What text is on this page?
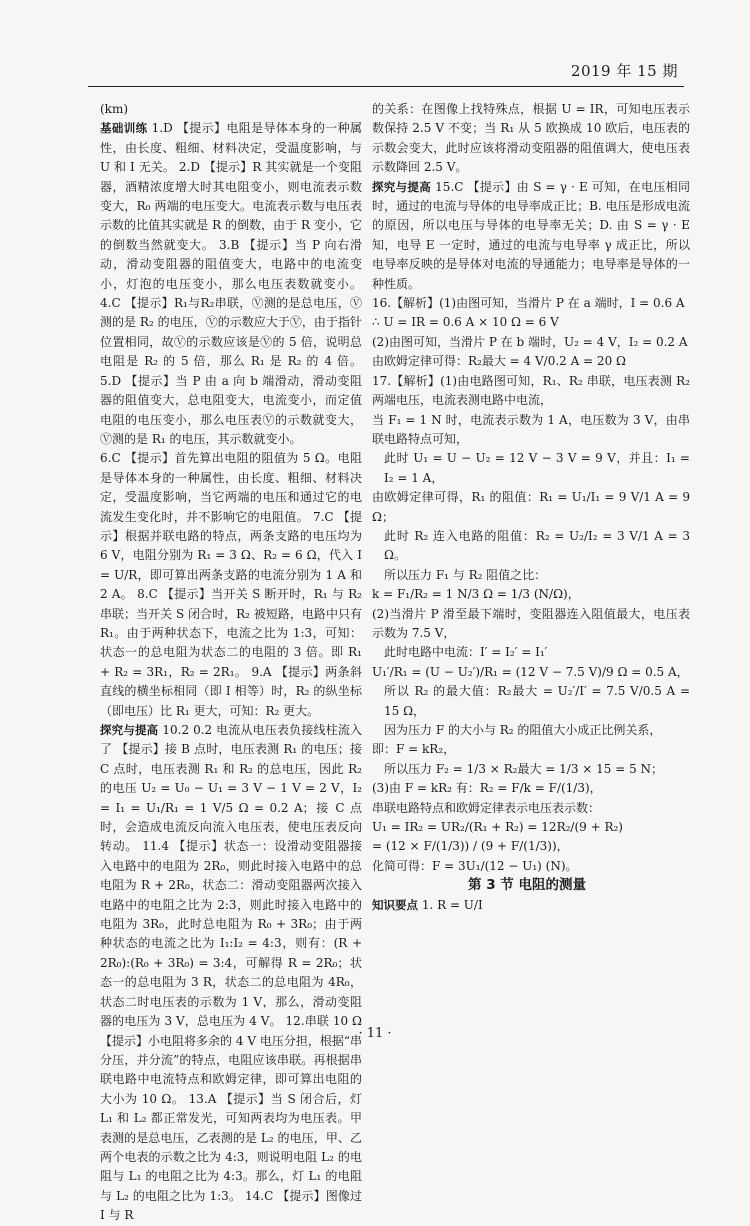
2019 年 15 期

(km)

基础训练 1.D 【提示】电阻是导体本身的一种属性，由长度、粗细、材料决定，受温度影响，与 U 和 I 无关。 2.D 【提示】R 其实就是一个变阻器，酒精浓度增大时其电阻变小，则电流表示数变大，R₀ 两端的电压变大。电流表示数与电压表示数的比值其实就是 R 的倒数，由于 R 变小，它的倒数当然就变大。 3.B 【提示】当 P 向右滑动，滑动变阻器的阻值变大，电路中的电流变小，灯泡的电压变小，那么电压表数就变小。 4.C 【提示】R₁与R₂串联，Ⓥ测的是总电压，Ⓥ测的是 R₂ 的电压，Ⓥ的示数应大于Ⓥ，由于指针位置相同，故Ⓥ的示数应该是Ⓥ的 5 倍，说明总电阻是 R₂ 的 5 倍，那么 R₁ 是 R₂ 的 4 倍。 5.D 【提示】当 P 由 a 向 b 端滑动，滑动变阻器的阻值变大，总电阻变大，电流变小，而定值电阻的电压变小，那么电压表Ⓥ的示数就变大，Ⓥ测的是 R₁ 的电压，其示数就变小。

6.C 【提示】首先算出电阻的阻值为 5 Ω。电阻是导体本身的一种属性，由长度、粗细、材料决定，受温度影响，当它两端的电压和通过它的电流发生变化时，并不影响它的电阻值。 7.C 【提示】根据并联电路的特点，两条支路的电压均为 6 V，电阻分别为 R₁ = 3 Ω、R₂ = 6 Ω，代入 I = U/R，即可算出两条支路的电流分别为 1 A 和 2 A。 8.C 【提示】当开关 S 断开时，R₁ 与 R₂ 串联；当开关 S 闭合时，R₂ 被短路，电路中只有 R₁。由于两种状态下，电流之比为 1:3，可知：状态一的总电阻为状态二的电阻的 3 倍。即 R₁ + R₂ = 3R₁，R₂ = 2R₁。 9.A 【提示】两条斜直线的横坐标相同（即 I 相等）时，R₂ 的纵坐标（即电压）比 R₁ 更大，可知：R₂ 更大。

探究与提高 10.2 0.2 电流从电压表负接线柱流入了 【提示】接 B 点时，电压表测 R₁ 的电压；接 C 点时，电压表测 R₁ 和 R₂ 的总电压，因此 R₂ 的电压 U₂ = U₀ − U₁ = 3 V − 1 V = 2 V，I₂ = I₁ = U₁/R₁ = 1 V/5 Ω = 0.2 A；接 C 点时，会造成电流反向流入电压表，使电压表反向转动。 11.4 【提示】状态一：设滑动变阻器接入电路中的电阻为 2R₀，则此时接入电路中的总电阻为 R + 2R₀，状态二：滑动变阻器两次接入电路中的电阻之比为 2:3，则此时接入电路中的电阻为 3R₀，此时总电阻为 R₀ + 3R₀；由于两种状态的电流之比为 I₁:I₂ = 4:3，则有：(R + 2R₀):(R₀ + 3R₀) = 3:4，可解得 R = 2R₀；状态一的总电阻为 3 R，状态二的总电阻为 4R₀，状态二时电压表的示数为 1 V，那么，滑动变阻器的电压为 3 V，总电压为 4 V。 12.串联 10 Ω 【提示】小电阻将多余的 4 V 电压分担，根据“串分压，并分流”的特点，电阻应该串联。再根据串联电路中电流特点和欧姆定律，即可算出电阻的大小为 10 Ω。 13.A 【提示】当 S 闭合后，灯 L₁ 和 L₂ 都正常发光，可知两表均为电压表。甲表测的是总电压，乙表测的是 L₂ 的电压，甲、乙两个电表的示数之比为 4:3，则说明电阻 L₂ 的电阻与 L₁ 的电阻之比为 4:3。那么，灯 L₁ 的电阻与 L₂ 的电阻之比为 1:3。 14.C 【提示】图像过 I 与 R

的关系：在图像上找特殊点，根据 U = IR，可知电压表示数保持 2.5 V 不变；当 R₁ 从 5 欧换成 10 欧后，电压表的示数会变大，此时应该将滑动变阻器的阻值调大，使电压表示数降回 2.5 V。

探究与提高 15.C 【提示】由 S = γ · E 可知，在电压相同时，通过的电流与导体的电导率成正比；B. 电压是形成电流的原因，所以电压与导体的电导率无关；D. 由 S = γ · E 知，电导 E 一定时，通过的电流与电导率 γ 成正比，所以电导率反映的是导体对电流的导通能力；电导率是导体的一种性质。

16.【解析】(1)由图可知，当滑片 P 在 a 端时，I = 0.6 A

∴ U = IR = 0.6 A × 10 Ω = 6 V

(2)由图可知，当滑片 P 在 b 端时，U₂ = 4 V，I₂ = 0.2 A

由欧姆定律可得：R₂最大 = 4 V/0.2 A = 20 Ω

17.【解析】(1)由电路图可知，R₁、R₂ 串联，电压表测 R₂ 两端电压，电流表测电路中电流，

当 F₁ = 1 N 时，电流表示数为 1 A，电压数为 3 V，由串联电路特点可知，

此时 U₁ = U − U₂ = 12 V − 3 V = 9 V，并且：I₁ = I₂ = 1 A，

由欧姆定律可得，R₁ 的阻值：R₁ = U₁/I₁ = 9 V/1 A = 9 Ω；

此时 R₂ 连入电路的阻值：R₂ = U₂/I₂ = 3 V/1 A = 3 Ω。

所以压力 F₁ 与 R₂ 阻值之比：

k = F₁/R₂ = 1 N/3 Ω = 1/3 (N/Ω)，

(2)当滑片 P 滑至最下端时，变阻器连入阻值最大，电压表示数为 7.5 V，

此时电路中电流：I′ = I₂′ = I₁′

U₁′/R₁ = (U − U₂′)/R₁ = (12 V − 7.5 V)/9 Ω = 0.5 A，

所以 R₂ 的最大值：R₂最大 = U₂′/I′ = 7.5 V/0.5 A = 15 Ω，

因为压力 F 的大小与 R₂ 的阻值大小成正比例关系，

即：F = kR₂，

所以压力 F₂ = 1/3 × R₂最大 = 1/3 × 15 = 5 N；

(3)由 F = kR₂ 有：R₂ = F/k = F/(1/3)，

串联电路特点和欧姆定律表示电压表示数：

U₁ = IR₂ = UR₂/(R₁ + R₂) = 12R₂/(9 + R₂)

= (12 × F/(1/3)) / (9 + F/(1/3))，

化简可得：F = 3U₁/(12 − U₁) (N)。

第 3 节 电阻的测量

知识要点 1. R = U/I

· 11 ·
